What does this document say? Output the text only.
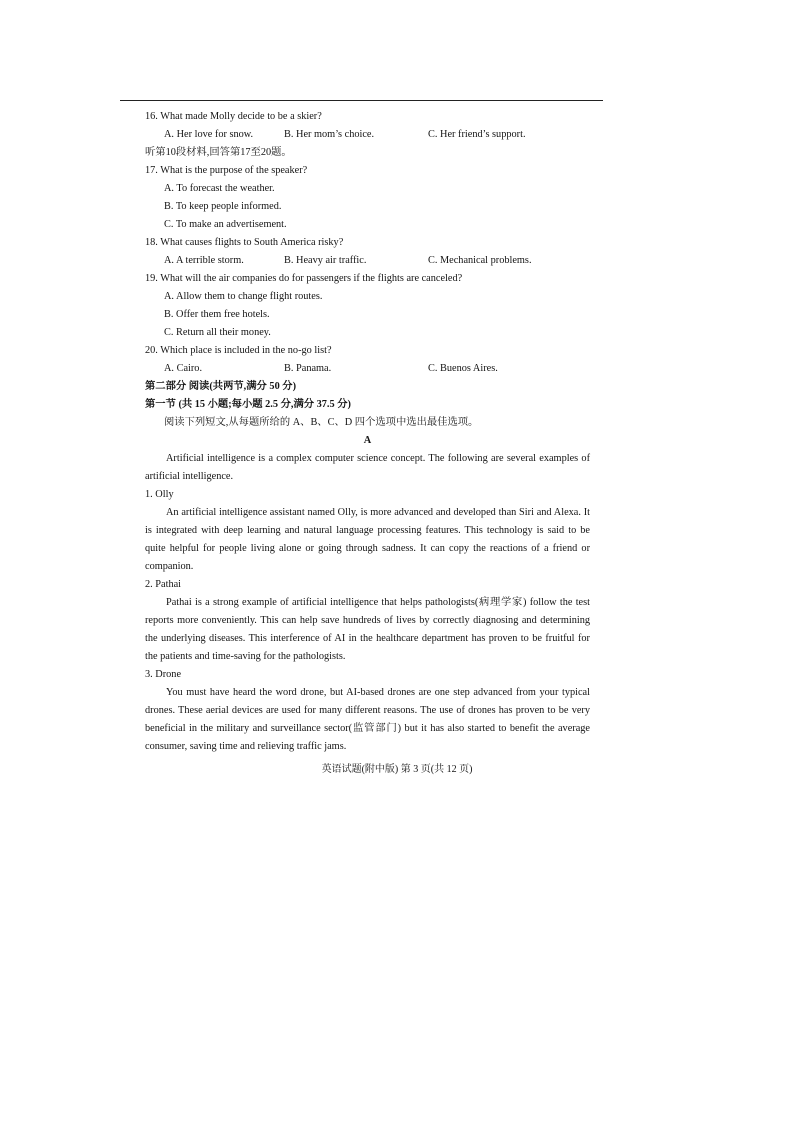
16. What made Molly decide to be a skier?
A. Her love for snow.	B. Her mom’s choice.	C. Her friend’s support.
听第10段材料,回答第17至20题。
17. What is the purpose of the speaker?
A. To forecast the weather.
B. To keep people informed.
C. To make an advertisement.
18. What causes flights to South America risky?
A. A terrible storm.	B. Heavy air traffic.	C. Mechanical problems.
19. What will the air companies do for passengers if the flights are canceled?
A. Allow them to change flight routes.
B. Offer them free hotels.
C. Return all their money.
20. Which place is included in the no-go list?
A. Cairo.	B. Panama.	C. Buenos Aires.
第二部分 阅读(共两节,满分 50 分)
第一节 (共 15 小题;每小题 2.5 分,满分 37.5 分)
阅读下列短文,从每题所给的 A、B、C、D 四个选项中选出最佳选项。
A
Artificial intelligence is a complex computer science concept. The following are several examples of artificial intelligence.
1. Olly
An artificial intelligence assistant named Olly, is more advanced and developed than Siri and Alexa. It is integrated with deep learning and natural language processing features. This technology is said to be quite helpful for people living alone or going through sadness. It can copy the reactions of a friend or companion.
2. Pathai
Pathai is a strong example of artificial intelligence that helps pathologists(病理学家) follow the test reports more conveniently. This can help save hundreds of lives by correctly diagnosing and determining the underlying diseases. This interference of AI in the healthcare department has proven to be fruitful for the patients and time-saving for the pathologists.
3. Drone
You must have heard the word drone, but AI-based drones are one step advanced from your typical drones. These aerial devices are used for many different reasons. The use of drones has proven to be very beneficial in the military and surveillance sector(监管部门) but it has also started to benefit the average consumer, saving time and relieving traffic jams.
英语试题(附中版) 第 3 页(共 12 页)
